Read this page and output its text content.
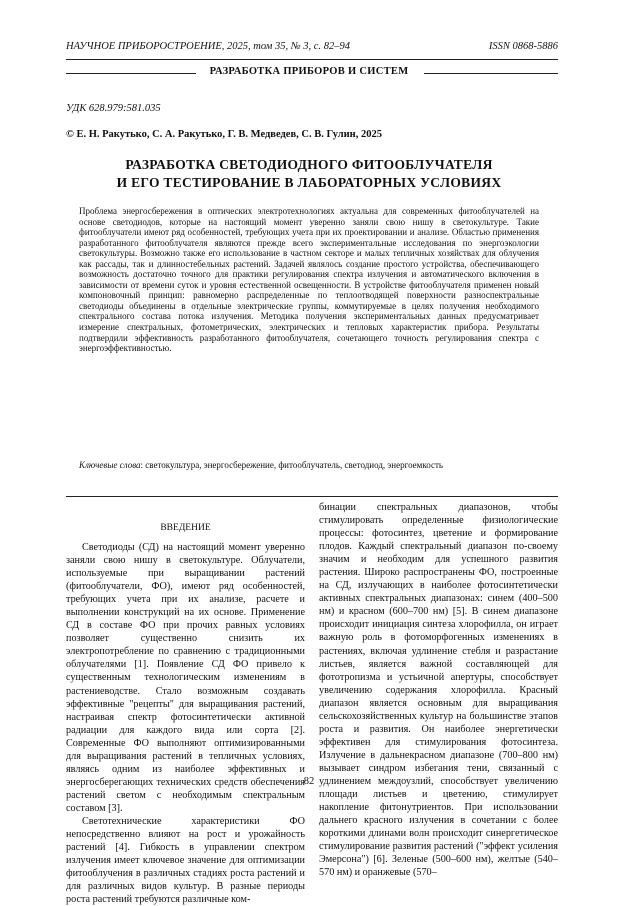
НАУЧНОЕ ПРИБОРОСТРОЕНИЕ, 2025, том 35, № 3, с. 82–94	ISSN 0868-5886
РАЗРАБОТКА ПРИБОРОВ И СИСТЕМ
УДК 628.979:581.035
© Е. Н. Ракутько, С. А. Ракутько, Г. В. Медведев, С. В. Гулин, 2025
РАЗРАБОТКА СВЕТОДИОДНОГО ФИТООБЛУЧАТЕЛЯ
И ЕГО ТЕСТИРОВАНИЕ В ЛАБОРАТОРНЫХ УСЛОВИЯХ

Проблема энергосбережения в оптических электротехнологиях актуальна для современных фитооблучателей на основе светодиодов, которые на настоящий момент уверенно заняли свою нишу в светокультуре. Такие фитооблучатели имеют ряд особенностей, требующих учета при их проектировании и анализе. Областью применения разработанного фитооблучателя являются прежде всего экспериментальные исследования по энергоэкологии светокультуры. Возможно также его использование в частном секторе и малых тепличных хозяйствах для облучения как рассады, так и длинностебельных растений. Задачей являлось создание простого устройства, обеспечивающего возможность достаточно точного для практики регулирования спектра излучения и автоматического включения в зависимости от времени суток и уровня естественной освещенности. В устройстве фитооблучателя применен новый компоновочный принцип: равномерно распределенные по теплоотводящей поверхности разноспектральные светодиоды объединены в отдельные электрические группы, коммутируемые в целях получения необходимого спектрального состава потока излучения. Методика получения экспериментальных данных предусматривает измерение спектральных, фотометрических, электрических и тепловых характеристик прибора. Результаты подтвердили эффективность разработанного фитооблучателя, сочетающего точность регулирования спектра с энергоэффективностью.

Ключевые слова: светокультура, энергосбережение, фитооблучатель, светодиод, энергоемкость

ВВЕДЕНИЕ

Светодиоды (СД) на настоящий момент уверенно заняли свою нишу в светокультуре. Облучатели, используемые при выращивании растений (фитооблучатели, ФО), имеют ряд особенностей, требующих учета при их анализе, расчете и выполнении конструкций на их основе. Применение СД в составе ФО при прочих равных условиях позволяет существенно снизить их электропотребление по сравнению с традиционными облучателями [1]. Появление СД ФО привело к существенным технологическим изменениям в растениеводстве. Стало возможным создавать эффективные "рецепты" для выращивания растений, настраивая спектр фотосинтетически активной радиации для каждого вида или сорта [2]. Современные ФО выполняют оптимизированными для выращивания растений в тепличных условиях, являясь одним из наиболее эффективных и энергосберегающих технических средств обеспечения растений светом с необходимым спектральным составом [3].

Светотехнические характеристики ФО непосредственно влияют на рост и урожайность растений [4]. Гибкость в управлении спектром излучения имеет ключевое значение для оптимизации фитооблучения в различных стадиях роста растений и для различных видов культур. В разные периоды роста растений требуются различные ком-

бинации спектральных диапазонов, чтобы стимулировать определенные физиологические процессы: фотосинтез, цветение и формирование плодов. Каждый спектральный диапазон по-своему значим и необходим для успешного развития растения. Широко распространены ФО, построенные на СД, излучающих в наиболее фотосинтетически активных спектральных диапазонах: синем (400–500 нм) и красном (600–700 нм) [5]. В синем диапазоне происходит инициация синтеза хлорофилла, он играет важную роль в фотоморфогенных изменениях в растениях, включая удлинение стебля и разрастание листьев, является важной составляющей для фототропизма и устьичной апертуры, способствует увеличению содержания хлорофилла. Красный диапазон является основным для выращивания сельскохозяйственных культур на большинстве этапов роста и развития. Он наиболее энергетически эффективен для стимулирования фотосинтеза. Излучение в дальнекрасном диапазоне (700–800 нм) вызывает синдром избегания тени, связанный с удлинением междоузлий, способствует увеличению площади листьев и цветению, стимулирует накопление фитонутриентов. При использовании дальнего красного излучения в сочетании с более короткими длинами волн происходит синергетическое стимулирование развития растений ("эффект усиления Эмерсона") [6]. Зеленые (500–600 нм), желтые (540–570 нм) и оранжевые (570–

82
